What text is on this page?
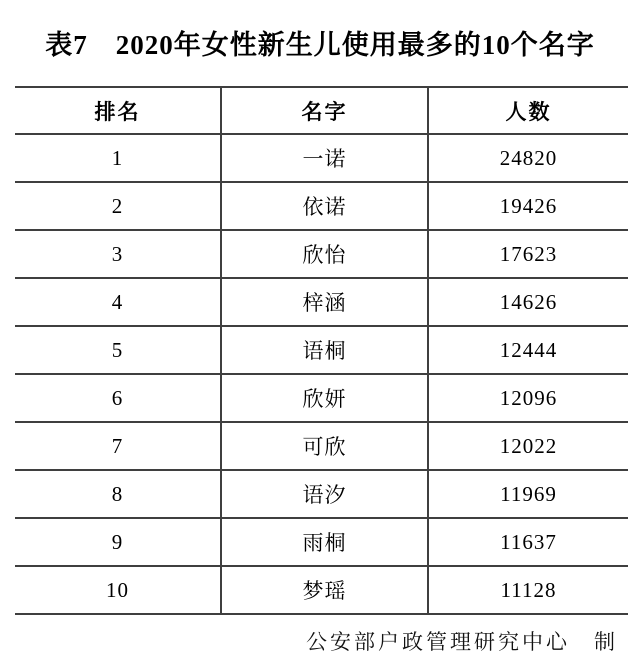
表7　2020年女性新生儿使用最多的10个名字
排名	名字	人数
1	一诺	24820
2	依诺	19426
3	欣怡	17623
4	梓涵	14626
5	语桐	12444
6	欣妍	12096
7	可欣	12022
8	语汐	11969
9	雨桐	11637
10	梦瑶	11128
公安部户政管理研究中心　制
